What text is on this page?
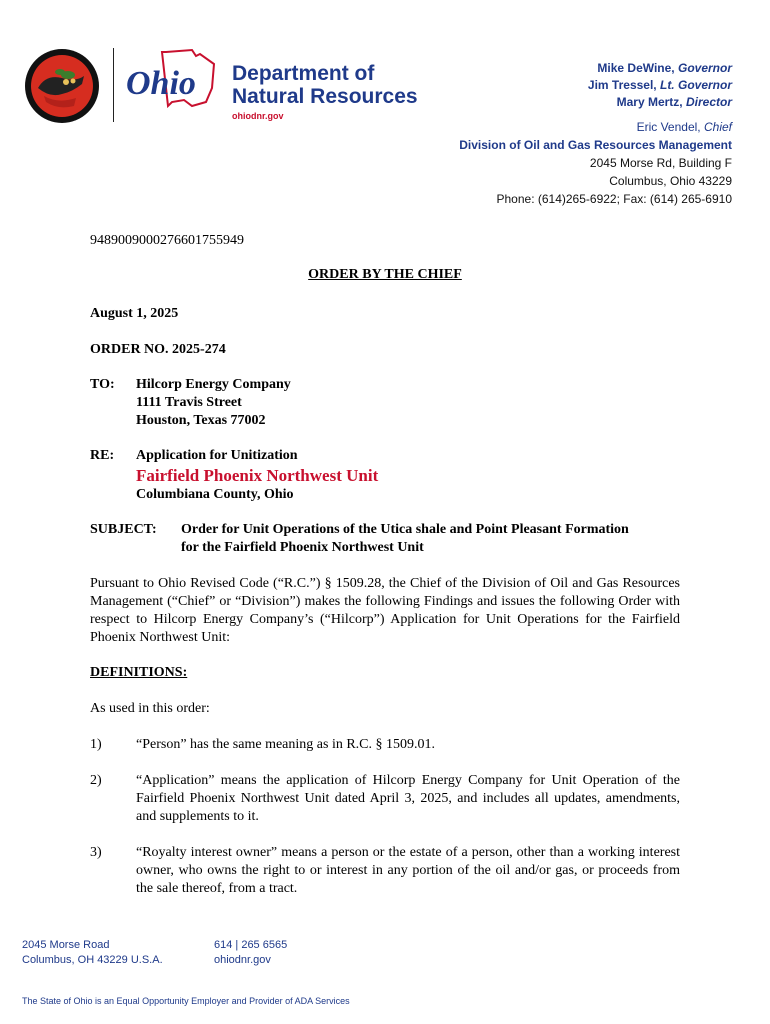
Ohio Department of
Natural Resources
ohiodnr.gov
Mike DeWine, Governor
Jim Tressel, Lt. Governor
Mary Mertz, Director
Eric Vendel, Chief
Division of Oil and Gas Resources Management
2045 Morse Rd, Building F
Columbus, Ohio 43229
Phone: (614)265-6922; Fax: (614) 265-6910
9489009000276601755949
ORDER BY THE CHIEF
August 1, 2025
ORDER NO. 2025-274
TO:	Hilcorp Energy Company
1111 Travis Street
Houston, Texas 77002
RE:	Application for Unitization
Fairfield Phoenix Northwest Unit
Columbiana County, Ohio
SUBJECT:	Order for Unit Operations of the Utica shale and Point Pleasant Formation
for the Fairfield Phoenix Northwest Unit
Pursuant to Ohio Revised Code (“R.C.”) § 1509.28, the Chief of the Division of Oil and Gas Resources Management (“Chief” or “Division”) makes the following Findings and issues the following Order with respect to Hilcorp Energy Company’s (“Hilcorp”) Application for Unit Operations for the Fairfield Phoenix Northwest Unit:
DEFINITIONS:
As used in this order:
1)	“Person” has the same meaning as in R.C. § 1509.01.
2)	“Application” means the application of Hilcorp Energy Company for Unit Operation of the Fairfield Phoenix Northwest Unit dated April 3, 2025, and includes all updates, amendments, and supplements to it.
3)	“Royalty interest owner” means a person or the estate of a person, other than a working interest owner, who owns the right to or interest in any portion of the oil and/or gas, or proceeds from the sale thereof, from a tract.
2045 Morse Road
Columbus, OH 43229 U.S.A.
614 | 265 6565
ohiodnr.gov
The State of Ohio is an Equal Opportunity Employer and Provider of ADA Services
